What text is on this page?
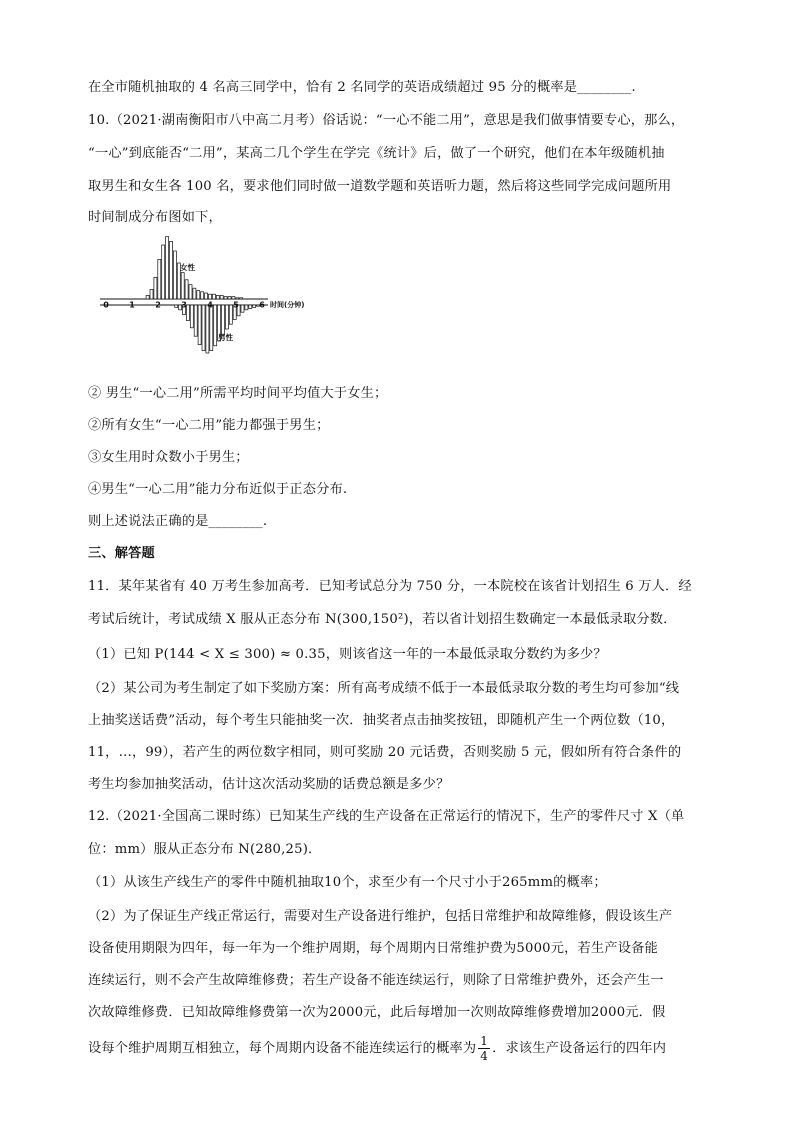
在全市随机抽取的 4 名高三同学中，恰有 2 名同学的英语成绩超过 95 分的概率是________.
10.（2021·湖南衡阳市八中高二月考）俗话说：“一心不能二用”，意思是我们做事情要专心，那么，
“一心”到底能否“二用”，某高二几个学生在学完《统计》后，做了一个研究，他们在本年级随机抽
取男生和女生各 100 名，要求他们同时做一道数学题和英语听力题，然后将这些同学完成问题所用
时间制成分布图如下，
0	1	2	3	4	5	6 时间(分钟)
女性
男性
② 男生“一心二用”所需平均时间平均值大于女生；
②所有女生“一心二用”能力都强于男生；
③女生用时众数小于男生；
④男生“一心二用”能力分布近似于正态分布.
则上述说法正确的是________.
三、解答题
11．某年某省有 40 万考生参加高考．已知考试总分为 750 分，一本院校在该省计划招生 6 万人．经
考试后统计，考试成绩 X 服从正态分布 N(300,150²)，若以省计划招生数确定一本最低录取分数．
（1）已知 P(144 < X ≤ 300) ≈ 0.35，则该省这一年的一本最低录取分数约为多少？
（2）某公司为考生制定了如下奖励方案：所有高考成绩不低于一本最低录取分数的考生均可参加“线
上抽奖送话费”活动，每个考生只能抽奖一次．抽奖者点击抽奖按钮，即随机产生一个两位数（10，
11，…，99），若产生的两位数字相同，则可奖励 20 元话费，否则奖励 5 元，假如所有符合条件的
考生均参加抽奖活动，估计这次活动奖励的话费总额是多少？
12.（2021·全国高二课时练）已知某生产线的生产设备在正常运行的情况下，生产的零件尺寸 X（单
位：mm）服从正态分布 N(280,25)．
（1）从该生产线生产的零件中随机抽取10个，求至少有一个尺寸小于265mm的概率；
（2）为了保证生产线正常运行，需要对生产设备进行维护，包括日常维护和故障维修，假设该生产
设备使用期限为四年，每一年为一个维护周期，每个周期内日常维护费为5000元，若生产设备能
连续运行，则不会产生故障维修费；若生产设备不能连续运行，则除了日常维护费外，还会产生一
次故障维修费．已知故障维修费第一次为2000元，此后每增加一次则故障维修费增加2000元．假
设每个维护周期互相独立，每个周期内设备不能连续运行的概率为 $\frac{1}{4}$ ．求该生产设备运行的四年内
